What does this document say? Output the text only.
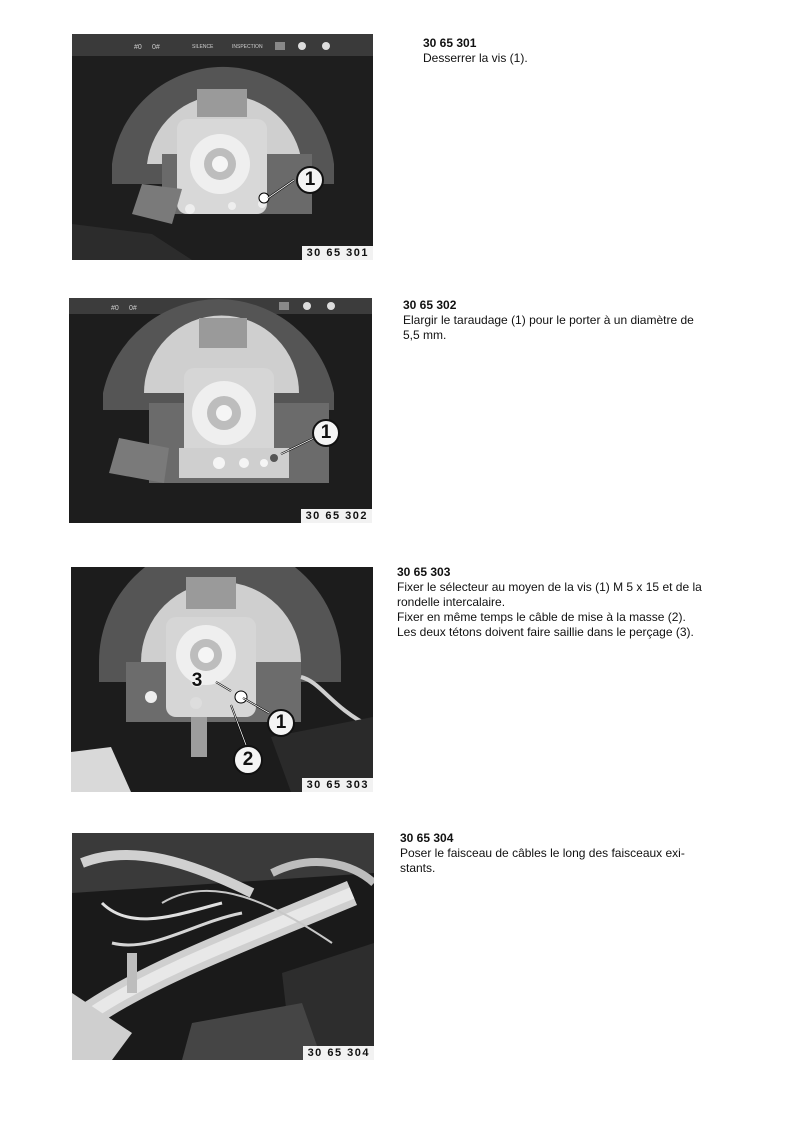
#0 0#	SILENCE	INSPECTION
1
30 65 301
30 65 301
Desserrer la vis (1).
#0 0#
1
30 65 302
30 65 302
Elargir le taraudage (1) pour le porter à un diamètre de
5,5 mm.
3
1
2
30 65 303
30 65 303
Fixer le sélecteur au moyen de la vis (1) M 5 x 15 et de la
rondelle intercalaire.
Fixer en même temps le câble de mise à la masse (2).
Les deux tétons doivent faire saillie dans le perçage (3).
30 65 304
30 65 304
Poser le faisceau de câbles le long des faisceaux exi-
stants.
